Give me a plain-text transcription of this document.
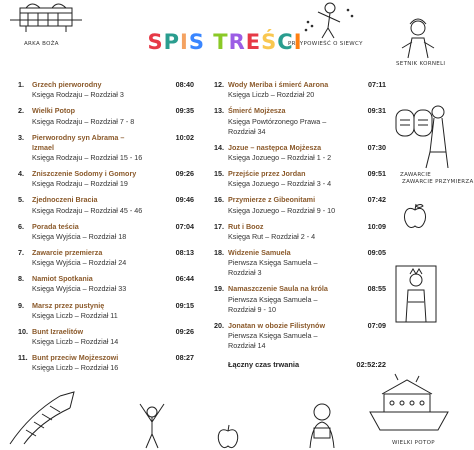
ARKA BOŻA	PRZYPOWIEŚĆ O SIEWCY
SETNIK KORNELI
ZAWARCIE
ZAWARCIE PRZYMIERZA
WIELKI POTOP
SPIS TREŚCI
1. Grzech pierworodny
Księga Rodzaju – Rozdział 3
08:40
2. Wielki Potop
Księga Rodzaju – Rozdział 7 - 8
09:35
3. Pierworodny syn Abrama –
Izmael
Księga Rodzaju – Rozdział 15 - 16
10:02
4. Zniszczenie Sodomy i Gomory
Księga Rodzaju – Rozdział 19
09:26
5. Zjednoczeni Bracia
Księga Rodzaju – Rozdział 45 - 46
09:46
6. Porada teścia
Księga Wyjścia – Rozdział 18
07:04
7. Zawarcie przemierza
Księga Wyjścia – Rozdział 24
08:13
8. Namiot Spotkania
Księga Wyjścia – Rozdział 33
06:44
9. Marsz przez pustynię
Księga Liczb – Rozdział 11
09:15
10. Bunt Izraelitów
Księga Liczb – Rozdział 14
09:26
11. Bunt przeciw Mojżeszowi
Księga Liczb – Rozdział 16
08:27
12. Wody Meriba i śmierć Aarona
Księga Liczb – Rozdział 20
07:11
13. Śmierć Mojżesza
Księga Powtórzonego Prawa –
Rozdział 34
09:31
14. Jozue – następca Mojżesza
Księga Jozuego – Rozdział 1 - 2
07:30
15. Przejście przez Jordan
Księga Jozuego – Rozdział 3 - 4
09:51
16. Przymierze z Gibeonitami
Księga Jozuego – Rozdział 9 - 10
07:42
17. Rut i Booz
Księga Rut – Rozdział 2 - 4
10:09
18. Widzenie Samuela
Pierwsza Księga Samuela –
Rozdział 3
09:05
19. Namaszczenie Saula na króla
Pierwsza Księga Samuela –
Rozdział 9 - 10
08:55
20. Jonatan w obozie Filistynów
Pierwsza Księga Samuela –
Rozdział 14
07:09
Łączny czas trwania	02:52:22
